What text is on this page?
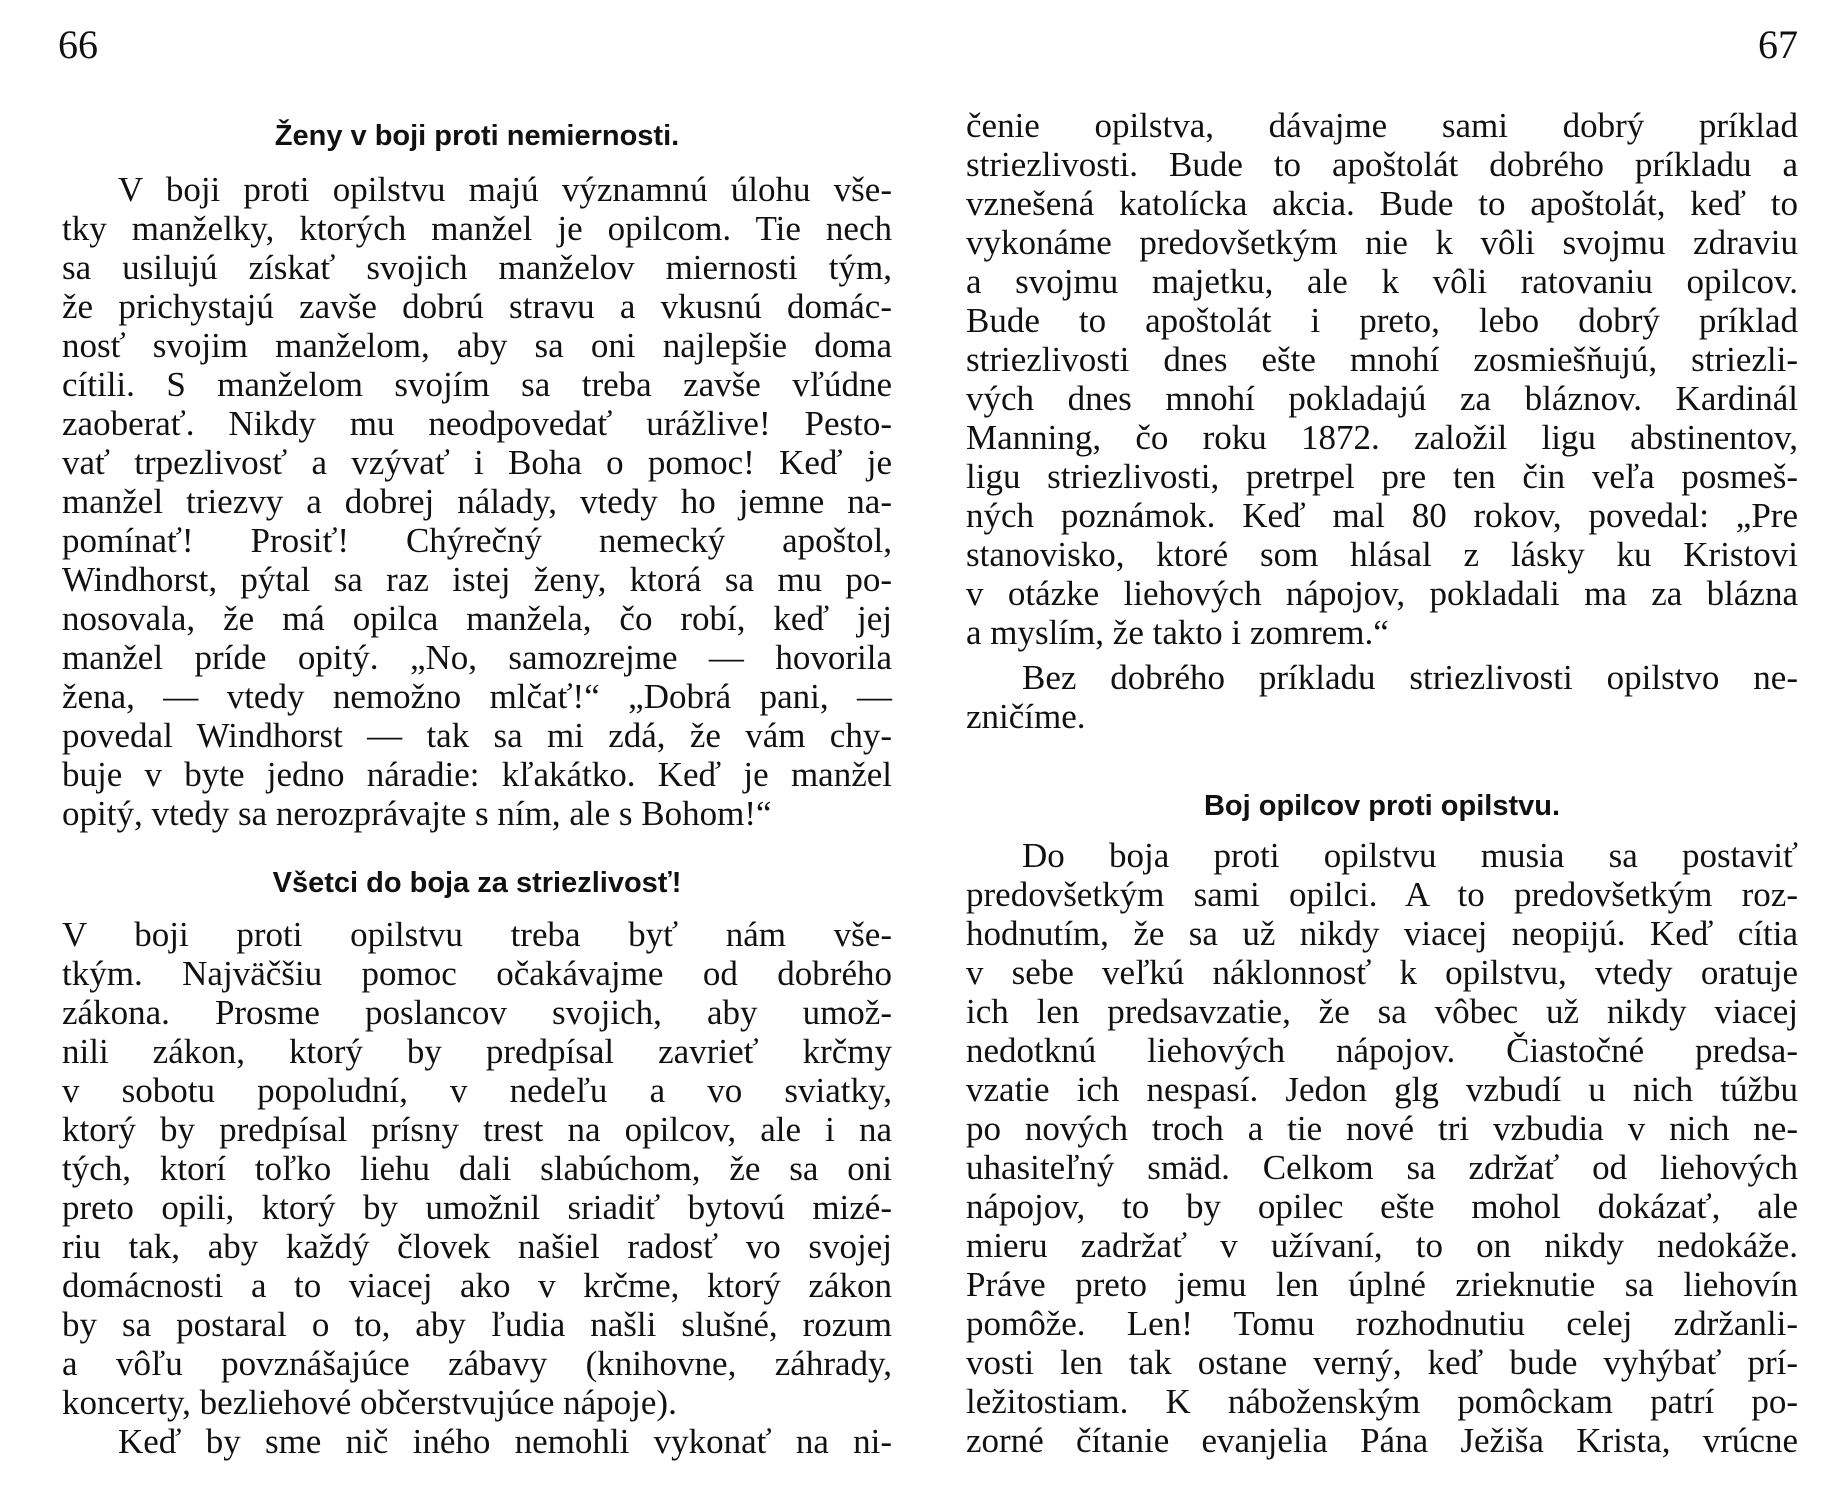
66	67
Ženy v boji proti nemiernosti.
V boji proti opilstvu majú významnú úlohu vše-
tky manželky, ktorých manžel je opilcom. Tie nech
sa usilujú získať svojich manželov miernosti tým,
že prichystajú zavše dobrú stravu a vkusnú domác-
nosť svojim manželom, aby sa oni najlepšie doma
cítili. S manželom svojím sa treba zavše vľúdne
zaoberať. Nikdy mu neodpovedať urážlive! Pesto-
vať trpezlivosť a vzývať i Boha o pomoc! Keď je
manžel triezvy a dobrej nálady, vtedy ho jemne na-
pomínať! Prosiť! Chýrečný nemecký apoštol,
Windhorst, pýtal sa raz istej ženy, ktorá sa mu po-
nosovala, že má opilca manžela, čo robí, keď jej
manžel príde opitý. „No, samozrejme — hovorila
žena, — vtedy nemožno mlčať!“ „Dobrá pani, —
povedal Windhorst — tak sa mi zdá, že vám chy-
buje v byte jedno náradie: kľakátko. Keď je manžel
opitý, vtedy sa nerozprávajte s ním, ale s Bohom!“
Všetci do boja za striezlivosť!
V boji proti opilstvu treba byť nám vše-
tkým. Najväčšiu pomoc očakávajme od dobrého
zákona. Prosme poslancov svojich, aby umož-
nili zákon, ktorý by predpísal zavrieť krčmy
v sobotu popoludní, v nedeľu a vo sviatky,
ktorý by predpísal prísny trest na opilcov, ale i na
tých, ktorí toľko liehu dali slabúchom, že sa oni
preto opili, ktorý by umožnil sriadiť bytovú mizé-
riu tak, aby každý človek našiel radosť vo svojej
domácnosti a to viacej ako v krčme, ktorý zákon
by sa postaral o to, aby ľudia našli slušné, rozum
a vôľu povznášajúce zábavy (knihovne, záhrady,
koncerty, bezliehové občerstvujúce nápoje).
Keď by sme nič iného nemohli vykonať na ni-
čenie opilstva, dávajme sami dobrý príklad
striezlivosti. Bude to apoštolát dobrého príkladu a
vznešená katolícka akcia. Bude to apoštolát, keď to
vykonáme predovšetkým nie k vôli svojmu zdraviu
a svojmu majetku, ale k vôli ratovaniu opilcov.
Bude to apoštolát i preto, lebo dobrý príklad
striezlivosti dnes ešte mnohí zosmiešňujú, striezli-
vých dnes mnohí pokladajú za bláznov. Kardinál
Manning, čo roku 1872. založil ligu abstinentov,
ligu striezlivosti, pretrpel pre ten čin veľa posmeš-
ných poznámok. Keď mal 80 rokov, povedal: „Pre
stanovisko, ktoré som hlásal z lásky ku Kristovi
v otázke liehových nápojov, pokladali ma za blázna
a myslím, že takto i zomrem.“
Bez dobrého príkladu striezlivosti opilstvo ne-
zničíme.
Boj opilcov proti opilstvu.
Do boja proti opilstvu musia sa postaviť
predovšetkým sami opilci. A to predovšetkým roz-
hodnutím, že sa už nikdy viacej neopijú. Keď cítia
v sebe veľkú náklonnosť k opilstvu, vtedy oratuje
ich len predsavzatie, že sa vôbec už nikdy viacej
nedotknú liehových nápojov. Čiastočné predsa-
vzatie ich nespasí. Jedon glg vzbudí u nich túžbu
po nových troch a tie nové tri vzbudia v nich ne-
uhasiteľný smäd. Celkom sa zdržať od liehových
nápojov, to by opilec ešte mohol dokázať, ale
mieru zadržať v užívaní, to on nikdy nedokáže.
Práve preto jemu len úplné zrieknutie sa liehovín
pomôže. Len! Tomu rozhodnutiu celej zdržanli-
vosti len tak ostane verný, keď bude vyhýbať prí-
ležitostiam. K náboženským pomôckam patrí po-
zorné čítanie evanjelia Pána Ježiša Krista, vrúcne
